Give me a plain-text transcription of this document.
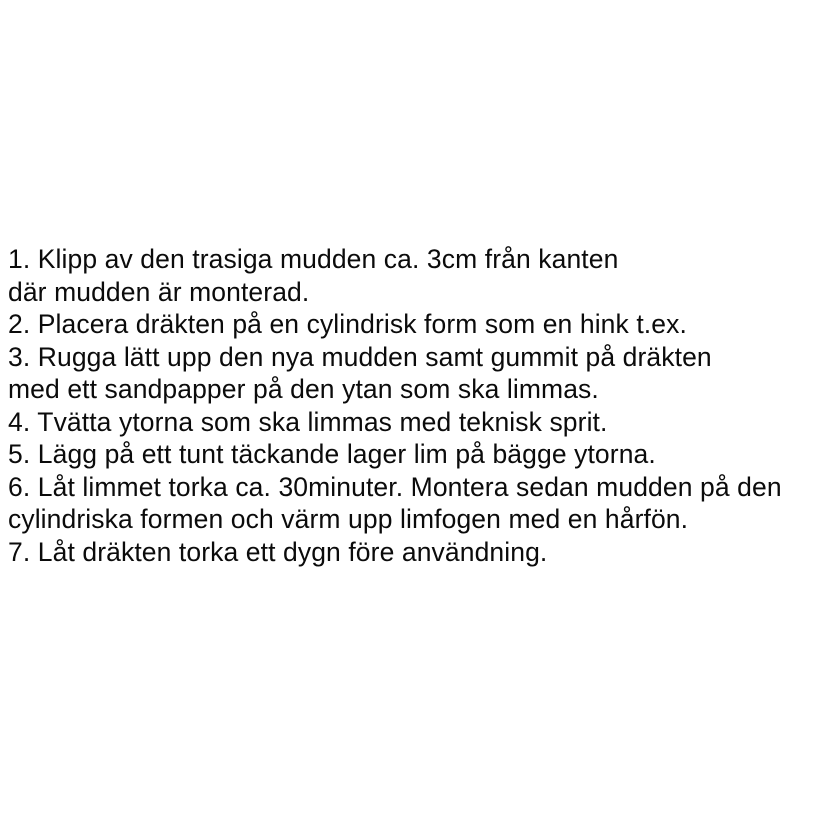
1. Klipp av den trasiga mudden ca. 3cm från kanten
där mudden är monterad.
2. Placera dräkten på en cylindrisk form som en hink t.ex.
3. Rugga lätt upp den nya mudden samt gummit på dräkten
med ett sandpapper på den ytan som ska limmas.
4. Tvätta ytorna som ska limmas med teknisk sprit.
5. Lägg på ett tunt täckande lager lim på bägge ytorna.
6. Låt limmet torka ca. 30minuter. Montera sedan mudden på den
cylindriska formen och värm upp limfogen med en hårfön.
7. Låt dräkten torka ett dygn före användning.
